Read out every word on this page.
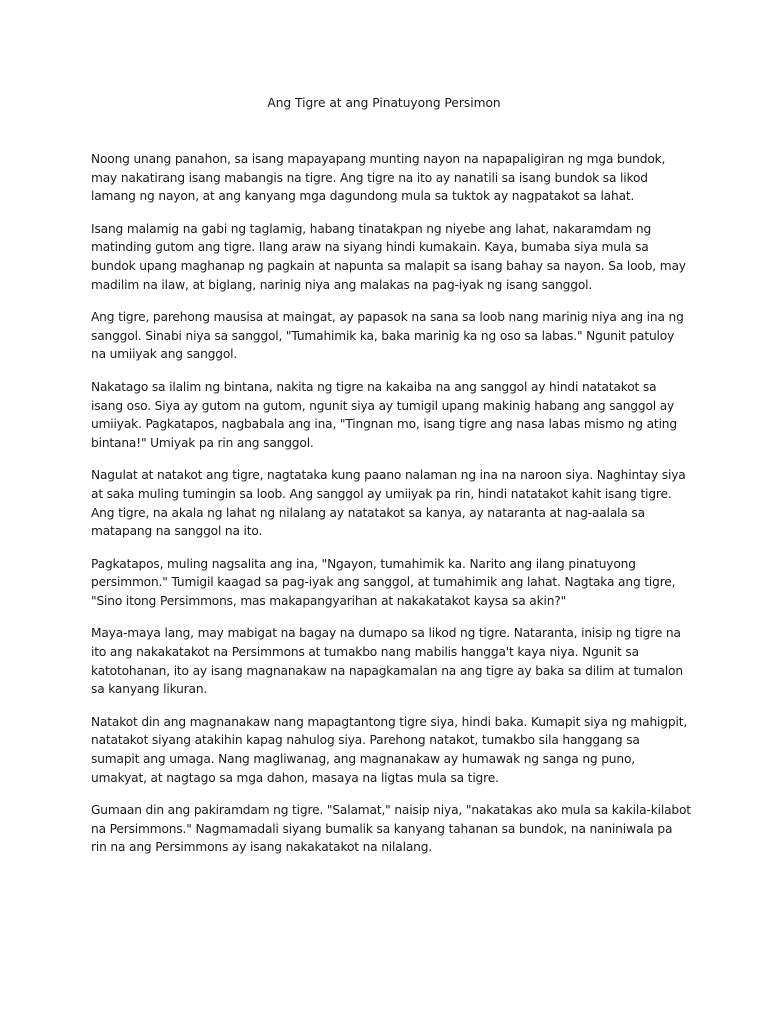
Ang Tigre at ang Pinatuyong Persimon

Noong unang panahon, sa isang mapayapang munting nayon na napapaligiran ng mga bundok, may nakatirang isang mabangis na tigre. Ang tigre na ito ay nanatili sa isang bundok sa likod lamang ng nayon, at ang kanyang mga dagundong mula sa tuktok ay nagpatakot sa lahat.

Isang malamig na gabi ng taglamig, habang tinatakpan ng niyebe ang lahat, nakaramdam ng matinding gutom ang tigre. Ilang araw na siyang hindi kumakain. Kaya, bumaba siya mula sa bundok upang maghanap ng pagkain at napunta sa malapit sa isang bahay sa nayon. Sa loob, may madilim na ilaw, at biglang, narinig niya ang malakas na pag-iyak ng isang sanggol.

Ang tigre, parehong mausisa at maingat, ay papasok na sana sa loob nang marinig niya ang ina ng sanggol. Sinabi niya sa sanggol, "Tumahimik ka, baka marinig ka ng oso sa labas." Ngunit patuloy na umiiyak ang sanggol.

Nakatago sa ilalim ng bintana, nakita ng tigre na kakaiba na ang sanggol ay hindi natatakot sa isang oso. Siya ay gutom na gutom, ngunit siya ay tumigil upang makinig habang ang sanggol ay umiiyak. Pagkatapos, nagbabala ang ina, "Tingnan mo, isang tigre ang nasa labas mismo ng ating bintana!" Umiyak pa rin ang sanggol.

Nagulat at natakot ang tigre, nagtataka kung paano nalaman ng ina na naroon siya. Naghintay siya at saka muling tumingin sa loob. Ang sanggol ay umiiyak pa rin, hindi natatakot kahit isang tigre. Ang tigre, na akala ng lahat ng nilalang ay natatakot sa kanya, ay nataranta at nag-aalala sa matapang na sanggol na ito.

Pagkatapos, muling nagsalita ang ina, "Ngayon, tumahimik ka. Narito ang ilang pinatuyong persimmon." Tumigil kaagad sa pag-iyak ang sanggol, at tumahimik ang lahat. Nagtaka ang tigre, "Sino itong Persimmons, mas makapangyarihan at nakakatakot kaysa sa akin?"

Maya-maya lang, may mabigat na bagay na dumapo sa likod ng tigre. Nataranta, inisip ng tigre na ito ang nakakatakot na Persimmons at tumakbo nang mabilis hangga't kaya niya. Ngunit sa katotohanan, ito ay isang magnanakaw na napagkamalan na ang tigre ay baka sa dilim at tumalon sa kanyang likuran.

Natakot din ang magnanakaw nang mapagtantong tigre siya, hindi baka. Kumapit siya ng mahigpit, natatakot siyang atakihin kapag nahulog siya. Parehong natakot, tumakbo sila hanggang sa sumapit ang umaga. Nang magliwanag, ang magnanakaw ay humawak ng sanga ng puno, umakyat, at nagtago sa mga dahon, masaya na ligtas mula sa tigre.

Gumaan din ang pakiramdam ng tigre. "Salamat," naisip niya, "nakatakas ako mula sa kakila-kilabot na Persimmons." Nagmamadali siyang bumalik sa kanyang tahanan sa bundok, na naniniwala pa rin na ang Persimmons ay isang nakakatakot na nilalang.
